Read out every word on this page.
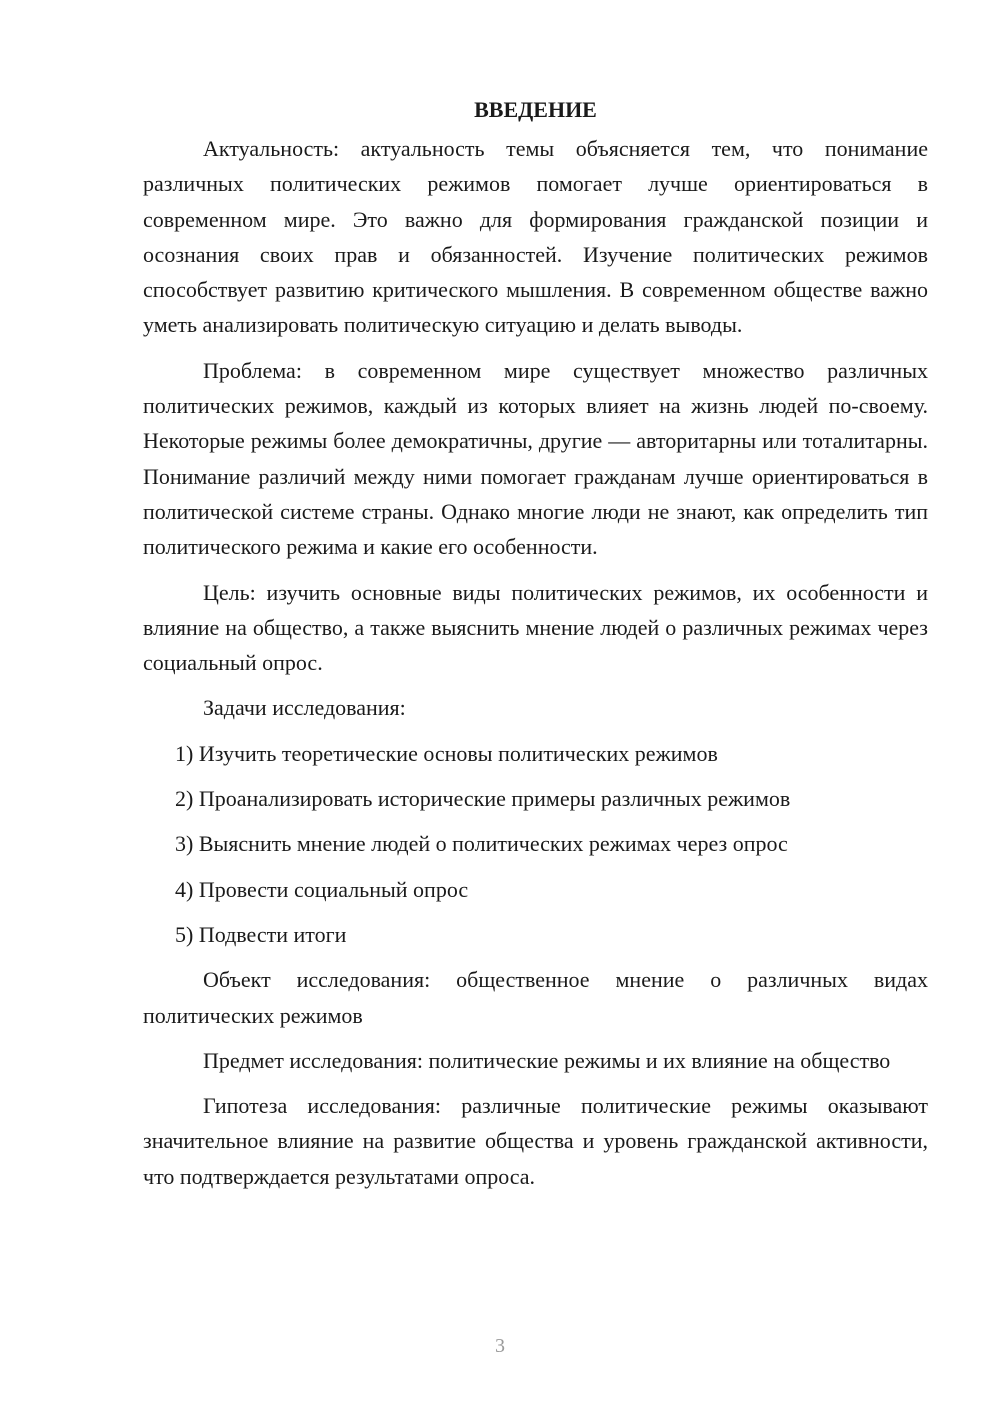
ВВЕДЕНИЕ

Актуальность: актуальность темы объясняется тем, что понимание различных политических режимов помогает лучше ориентироваться в современном мире. Это важно для формирования гражданской позиции и осознания своих прав и обязанностей. Изучение политических режимов способствует развитию критического мышления. В современном обществе важно уметь анализировать политическую ситуацию и делать выводы.

Проблема: в современном мире существует множество различных политических режимов, каждый из которых влияет на жизнь людей по-своему. Некоторые режимы более демократичны, другие — авторитарны или тоталитарны. Понимание различий между ними помогает гражданам лучше ориентироваться в политической системе страны. Однако многие люди не знают, как определить тип политического режима и какие его особенности.

Цель: изучить основные виды политических режимов, их особенности и влияние на общество, а также выяснить мнение людей о различных режимах через социальный опрос.

Задачи исследования:

1) Изучить теоретические основы политических режимов

2) Проанализировать исторические примеры различных режимов

3) Выяснить мнение людей о политических режимах через опрос

4) Провести социальный опрос

5) Подвести итоги

Объект исследования: общественное мнение о различных видах политических режимов

Предмет исследования: политические режимы и их влияние на общество

Гипотеза исследования: различные политические режимы оказывают значительное влияние на развитие общества и уровень гражданской активности, что подтверждается результатами опроса.

3
